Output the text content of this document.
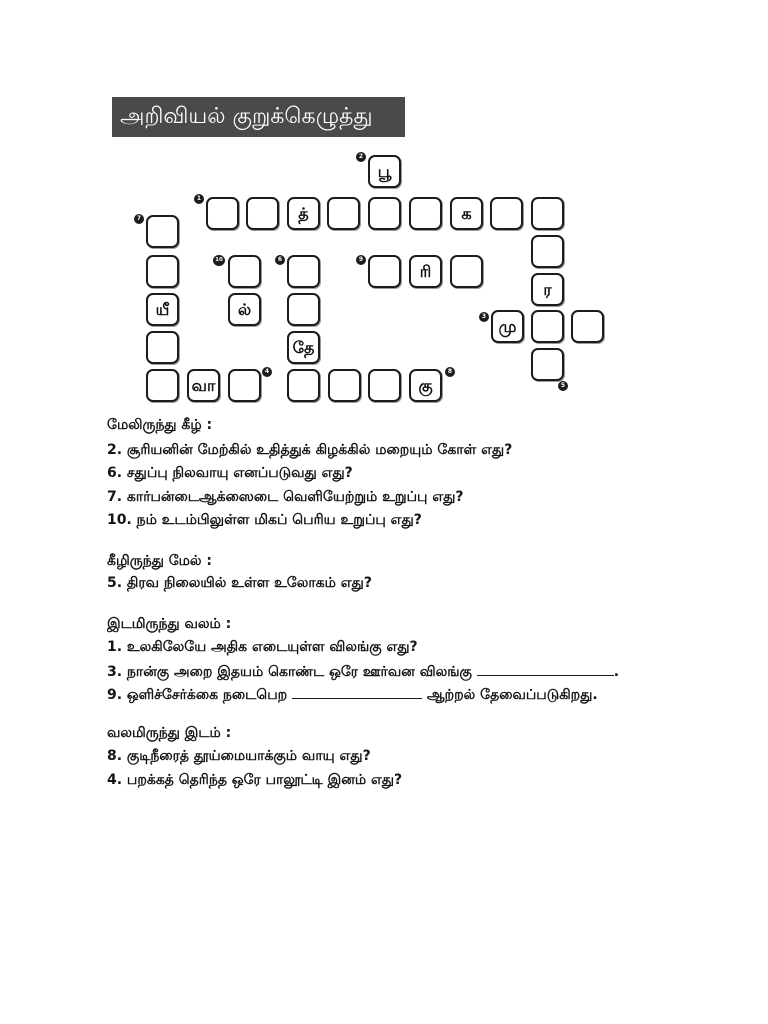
அறிவியல் குறுக்கெழுத்து
பூ
த்	க
யீ	ல்
தே
ரி
ர
மு
வா	கு
2
1
7
10	6	9
3
4	8
5
மேலிருந்து கீழ் :
2. சூரியனின் மேற்கில் உதித்துக் கிழக்கில் மறையும் கோள் எது?
6. சதுப்பு நிலவாயு எனப்படுவது எது?
7. கார்பன்டைஆக்ஸைடை வெளியேற்றும் உறுப்பு எது?
10. நம் உடம்பிலுள்ள மிகப் பெரிய உறுப்பு எது?
கீழிருந்து மேல் :
5. திரவ நிலையில் உள்ள உலோகம் எது?
இடமிருந்து வலம் :
1. உலகிலேயே அதிக எடையுள்ள விலங்கு எது?
3. நான்கு அறை இதயம் கொண்ட ஒரே ஊர்வன விலங்கு	.
9. ஒளிச்சேர்க்கை நடைபெற	ஆற்றல் தேவைப்படுகிறது.
வலமிருந்து இடம் :
8. குடிநீரைத் தூய்மையாக்கும் வாயு எது?
4. பறக்கத் தெரிந்த ஒரே பாலூட்டி இனம் எது?
